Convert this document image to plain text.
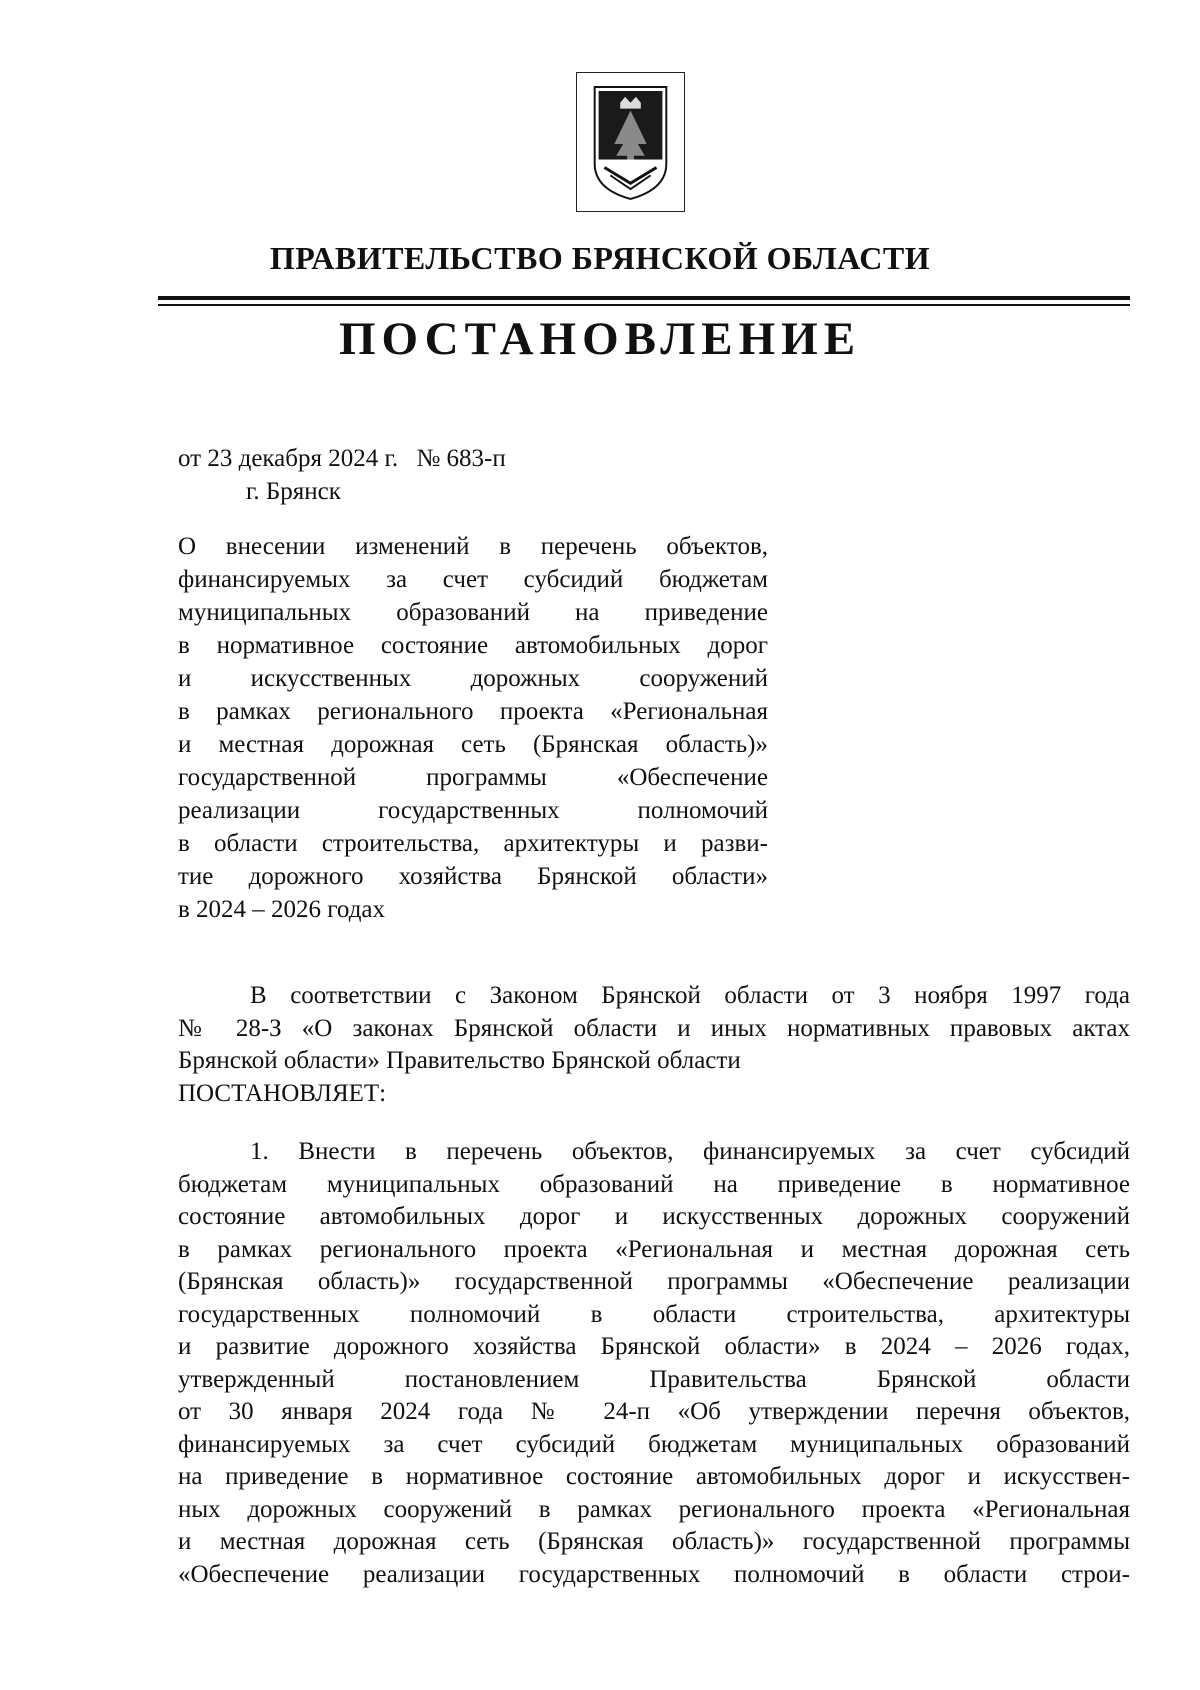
ПРАВИТЕЛЬСТВО БРЯНСКОЙ ОБЛАСТИ
ПОСТАНОВЛЕНИЕ
от 23 декабря 2024 г. № 683-п
г. Брянск
О внесении изменений в перечень объектов,
финансируемых за счет субсидий бюджетам
муниципальных образований на приведение
в нормативное состояние автомобильных дорог
и искусственных дорожных сооружений
в рамках регионального проекта «Региональная
и местная дорожная сеть (Брянская область)»
государственной программы «Обеспечение
реализации государственных полномочий
в области строительства, архитектуры и разви-
тие дорожного хозяйства Брянской области»
в 2024 – 2026 годах
В соответствии с Законом Брянской области от 3 ноября 1997 года
№ 28-З «О законах Брянской области и иных нормативных правовых актах
Брянской области» Правительство Брянской области
ПОСТАНОВЛЯЕТ:
1. Внести в перечень объектов, финансируемых за счет субсидий
бюджетам муниципальных образований на приведение в нормативное
состояние автомобильных дорог и искусственных дорожных сооружений
в рамках регионального проекта «Региональная и местная дорожная сеть
(Брянская область)» государственной программы «Обеспечение реализации
государственных полномочий в области строительства, архитектуры
и развитие дорожного хозяйства Брянской области» в 2024 – 2026 годах,
утвержденный постановлением Правительства Брянской области
от 30 января 2024 года № 24-п «Об утверждении перечня объектов,
финансируемых за счет субсидий бюджетам муниципальных образований
на приведение в нормативное состояние автомобильных дорог и искусствен-
ных дорожных сооружений в рамках регионального проекта «Региональная
и местная дорожная сеть (Брянская область)» государственной программы
«Обеспечение реализации государственных полномочий в области строи-
